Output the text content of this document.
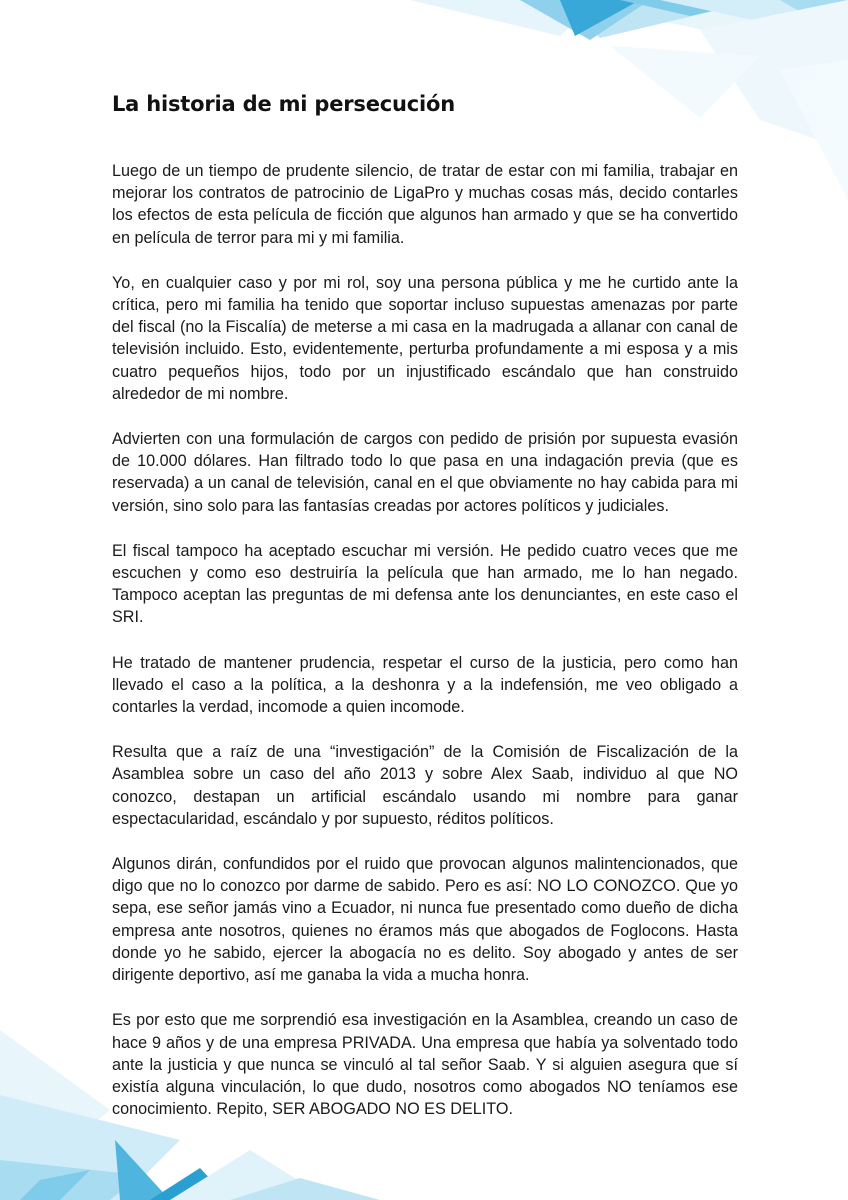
La historia de mi persecución

Luego de un tiempo de prudente silencio, de tratar de estar con mi familia, trabajar en mejorar los contratos de patrocinio de LigaPro y muchas cosas más, decido contarles los efectos de esta película de ficción que algunos han armado y que se ha convertido en película de terror para mi y mi familia.

Yo, en cualquier caso y por mi rol, soy una persona pública y me he curtido ante la crítica, pero mi familia ha tenido que soportar incluso supuestas amenazas por parte del fiscal (no la Fiscalía) de meterse a mi casa en la madrugada a allanar con canal de televisión incluido. Esto, evidentemente, perturba profundamente a mi esposa y a mis cuatro pequeños hijos, todo por un injustificado escándalo que han construido alrededor de mi nombre.

Advierten con una formulación de cargos con pedido de prisión por supuesta evasión de 10.000 dólares. Han filtrado todo lo que pasa en una indagación previa (que es reservada) a un canal de televisión, canal en el que obviamente no hay cabida para mi versión, sino solo para las fantasías creadas por actores políticos y judiciales.

El fiscal tampoco ha aceptado escuchar mi versión. He pedido cuatro veces que me escuchen y como eso destruiría la película que han armado, me lo han negado. Tampoco aceptan las preguntas de mi defensa ante los denunciantes, en este caso el SRI.

He tratado de mantener prudencia, respetar el curso de la justicia, pero como han llevado el caso a la política, a la deshonra y a la indefensión, me veo obligado a contarles la verdad, incomode a quien incomode.

Resulta que a raíz de una “investigación” de la Comisión de Fiscalización de la Asamblea sobre un caso del año 2013 y sobre Alex Saab, individuo al que NO conozco, destapan un artificial escándalo usando mi nombre para ganar espectacularidad, escándalo y por supuesto, réditos políticos.

Algunos dirán, confundidos por el ruido que provocan algunos malintencionados, que digo que no lo conozco por darme de sabido. Pero es así: NO LO CONOZCO. Que yo sepa, ese señor jamás vino a Ecuador, ni nunca fue presentado como dueño de dicha empresa ante nosotros, quienes no éramos más que abogados de Foglocons. Hasta donde yo he sabido, ejercer la abogacía no es delito. Soy abogado y antes de ser dirigente deportivo, así me ganaba la vida a mucha honra.

Es por esto que me sorprendió esa investigación en la Asamblea, creando un caso de hace 9 años y de una empresa PRIVADA. Una empresa que había ya solventado todo ante la justicia y que nunca se vinculó al tal señor Saab. Y si alguien asegura que sí existía alguna vinculación, lo que dudo, nosotros como abogados NO teníamos ese conocimiento. Repito, SER ABOGADO NO ES DELITO.
